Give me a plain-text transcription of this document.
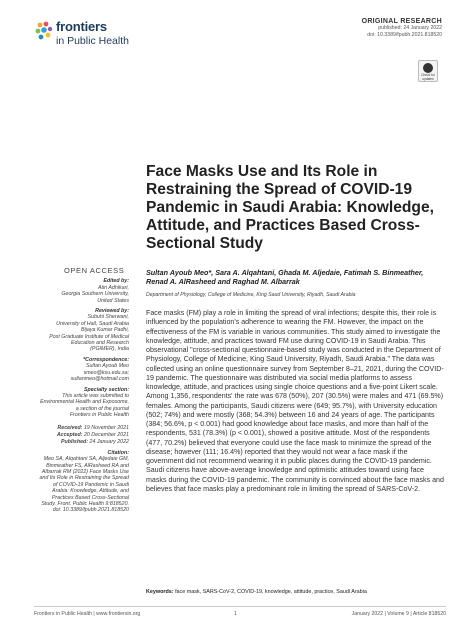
frontiers
in Public Health
ORIGINAL RESEARCH
published: 24 January 2022
doi: 10.3389/fpubh.2021.818520
Check for updates
Face Masks Use and Its Role in Restraining the Spread of COVID-19 Pandemic in Saudi Arabia: Knowledge, Attitude, and Practices Based Cross-Sectional Study
OPEN ACCESS
Edited by:
Atiri Adhikari,
Georgia Southern University,
United States
Reviewed by:
Subuhi Sherwani,
University of Hail, Saudi Arabia
Bijaya Kumar Padhi,
Post Graduate Institute of Medical
Education and Research
(PGIMER), India
*Correspondence:
Sultan Ayoub Meo
smeo@ksu.edu.sa;
sultanmeo@hotmail.com
Specialty section:
This article was submitted to
Environmental Health and Exposome,
a section of the journal
Frontiers in Public Health
Received: 19 November 2021
Accepted: 20 December 2021
Published: 24 January 2022
Citation:
Meo SA, Alqahtani SA, Aljedaie GM,
Binmeather FS, AlRasheed RA and
Albarrak RM (2022) Face Masks Use
and Its Role in Restraining the Spread
of COVID-19 Pandemic in Saudi
Arabia: Knowledge, Attitude, and
Practices Based Cross-Sectional
Study. Front. Public Health 9:818520.
doi: 10.3389/fpubh.2021.818520
Sultan Ayoub Meo*, Sara A. Alqahtani, Ghada M. Aljedaie, Fatimah S. Binmeather, Renad A. AlRasheed and Raghad M. Albarrak
Department of Physiology, College of Medicine, King Saud University, Riyadh, Saudi Arabia
Face masks (FM) play a role in limiting the spread of viral infections; despite this, their role is influenced by the population's adherence to wearing the FM. However, the impact on the effectiveness of the FM is variable in various communities. This study aimed to investigate the knowledge, attitude, and practices toward FM use during COVID-19 in Saudi Arabia. This observational "cross-sectional questionnaire-based study was conducted in the Department of Physiology, College of Medicine, King Saud University, Riyadh, Saudi Arabia." The data was collected using an online questionnaire survey from September 8–21, 2021, during the COVID-19 pandemic. The questionnaire was distributed via social media platforms to assess knowledge, attitude, and practices using single choice questions and a five-point Likert scale. Among 1,356, respondents' the rate was 678 (50%), 207 (30.5%) were males and 471 (69.5%) females. Among the participants, Saudi citizens were (649; 95.7%), with University education (502; 74%) and were mostly (368; 54.3%) between 16 and 24 years of age. The participants (384; 56.6%, p < 0.001) had good knowledge about face masks, and more than half of the respondents, 531 (78.3%) (p < 0.001), showed a positive attitude. Most of the respondents (477, 70.2%) believed that everyone could use the face mask to minimize the spread of the disease; however (111; 16.4%) reported that they would not wear a face mask if the government did not recommend wearing it in public places during the COVID-19 pandemic. Saudi citizens have above-average knowledge and optimistic attitudes toward using face masks during the COVID-19 pandemic. The community is convinced about the face masks and believes that face masks play a predominant role in limiting the spread of SARS-CoV-2.
Keywords: face mask, SARS-CoV-2, COVID-19, knowledge, attitude, practice, Saudi Arabia
Frontiers in Public Health | www.frontiersin.org	1	January 2022 | Volume 9 | Article 818520
